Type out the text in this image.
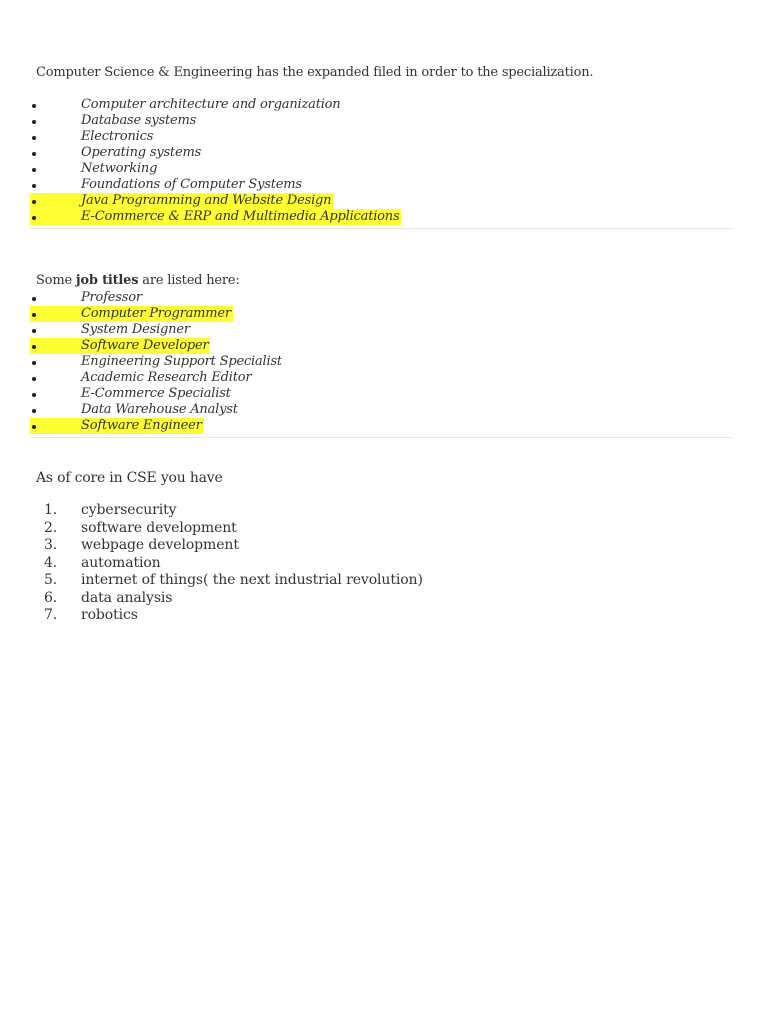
Computer Science & Engineering has the expanded filed in order to the specialization.

Computer architecture and organization
Database systems
Electronics
Operating systems
Networking
Foundations of Computer Systems
Java Programming and Website Design
E-Commerce & ERP and Multimedia Applications

Some job titles are listed here:

Professor
Computer Programmer
System Designer
Software Developer
Engineering Support Specialist
Academic Research Editor
E-Commerce Specialist
Data Warehouse Analyst
Software Engineer

As of core in CSE you have

1. cybersecurity
2. software development
3. webpage development
4. automation
5. internet of things( the next industrial revolution)
6. data analysis
7. robotics
